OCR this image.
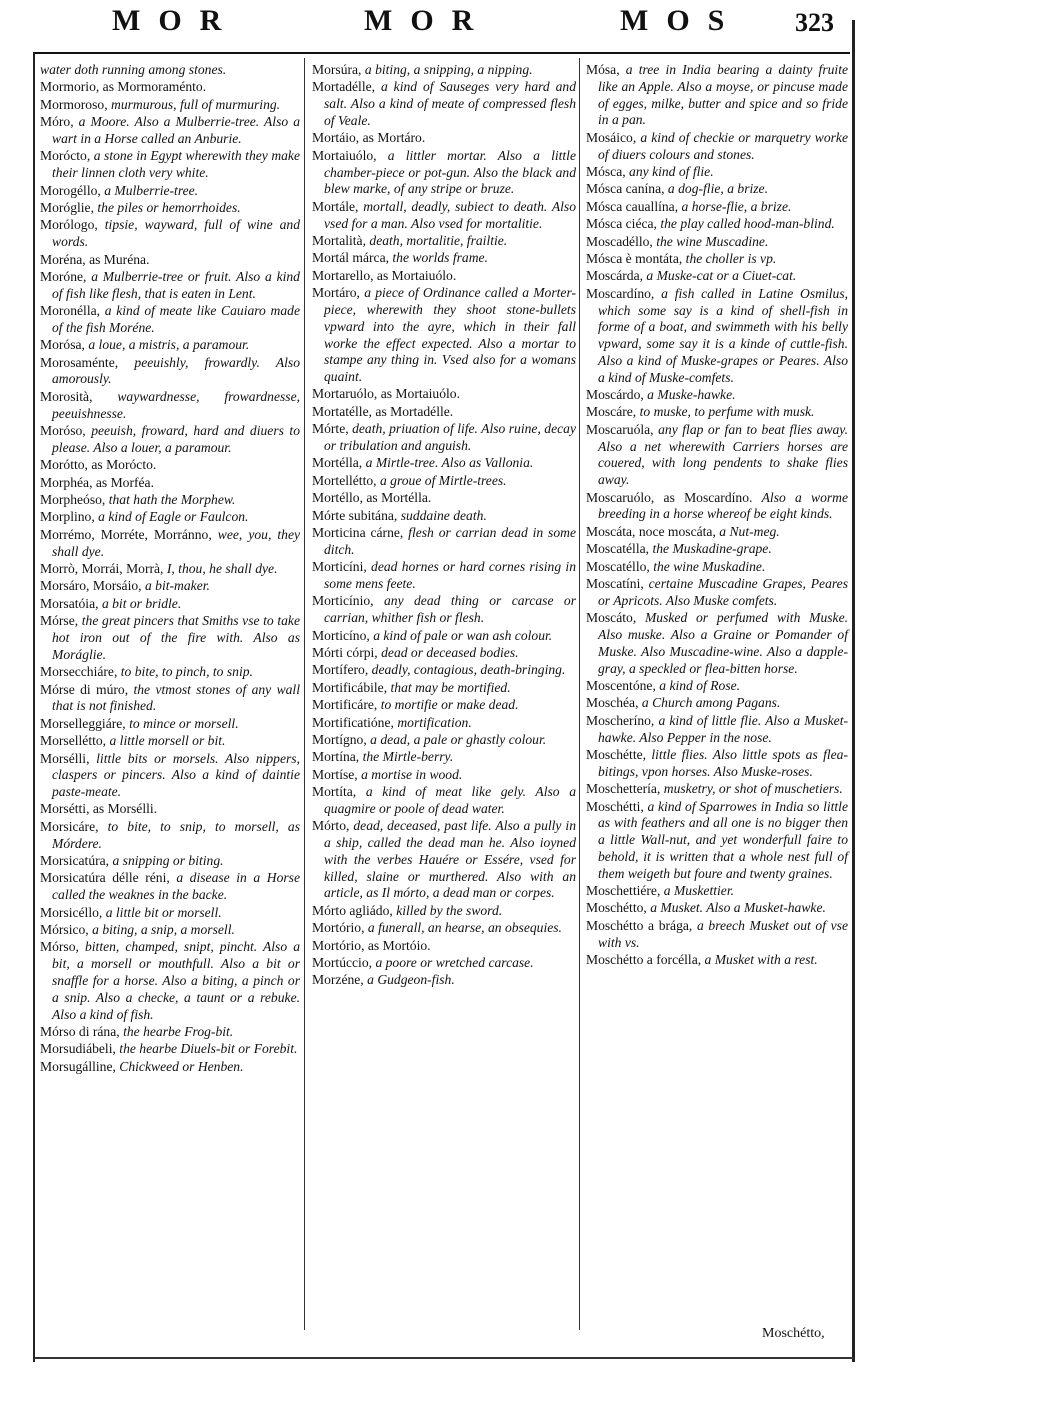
MOR	MOR	MOS 323

water doth running among stones.

Mormorio, as Mormoraménto.

Mormoroso, murmurous, full of murmuring.

Móro, a Moore. Also a Mulberrie-tree. Also a wart in a Horse called an Anburie.

Morócto, a stone in Egypt wherewith they make their linnen cloth very white.

Morogéllo, a Mulberrie-tree.

Moróglie, the piles or hemorrhoides.

Morólogo, tipsie, wayward, full of wine and words.

Moréna, as Muréna.

Moróne, a Mulberrie-tree or fruit. Also a kind of fish like flesh, that is eaten in Lent.

Moronélla, a kind of meate like Cauiaro made of the fish Moréne.

Morósa, a loue, a mistris, a paramour.

Morosaménte, peeuishly, frowardly. Also amorously.

Morosità, waywardnesse, frowardnesse, peeuishnesse.

Moróso, peeuish, froward, hard and diuers to please. Also a louer, a paramour.

Morótto, as Morócto.

Morphéa, as Morféa.

Morpheóso, that hath the Morphew.

Morplino, a kind of Eagle or Faulcon.

Morrémo, Morréte, Morránno, wee, you, they shall dye.

Morrò, Morrái, Morrà, I, thou, he shall dye.

Morsáro, Morsáio, a bit-maker.

Morsatóia, a bit or bridle.

Mórse, the great pincers that Smiths vse to take hot iron out of the fire with. Also as Moráglie.

Morsecchiáre, to bite, to pinch, to snip.

Mórse di múro, the vtmost stones of any wall that is not finished.

Morselleggiáre, to mince or morsell.

Morsellétto, a little morsell or bit.

Morsélli, little bits or morsels. Also nippers, claspers or pincers. Also a kind of daintie paste-meate.

Morsétti, as Morsélli.

Morsicáre, to bite, to snip, to morsell, as Mórdere.

Morsicatúra, a snipping or biting.

Morsicatúra délle réni, a disease in a Horse called the weaknes in the backe.

Morsicéllo, a little bit or morsell.

Mórsico, a biting, a snip, a morsell.

Mórso, bitten, champed, snipt, pincht. Also a bit, a morsell or mouthfull. Also a bit or snaffle for a horse. Also a biting, a pinch or a snip. Also a checke, a taunt or a rebuke. Also a kind of fish.

Mórso di rána, the hearbe Frog-bit.

Morsudiábeli, the hearbe Diuels-bit or Forebit.

Morsugálline, Chickweed or Henben.

Morsúra, a biting, a snipping, a nipping.

Mortadélle, a kind of Sauseges very hard and salt. Also a kind of meate of compressed flesh of Veale.

Mortáio, as Mortáro.

Mortaiuólo, a littler mortar. Also a little chamber-piece or pot-gun. Also the black and blew marke, of any stripe or bruze.

Mortále, mortall, deadly, subiect to death. Also vsed for a man. Also vsed for mortalitie.

Mortalità, death, mortalitie, frailtie.

Mortál márca, the worlds frame.

Mortarello, as Mortaiuólo.

Mortáro, a piece of Ordinance called a Morter-piece, wherewith they shoot stone-bullets vpward into the ayre, which in their fall worke the effect expected. Also a mortar to stampe any thing in. Vsed also for a womans quaint.

Mortaruólo, as Mortaiuólo.

Mortatélle, as Mortadélle.

Mórte, death, priuation of life. Also ruine, decay or tribulation and anguish.

Mortélla, a Mirtle-tree. Also as Vallonia.

Mortellétto, a groue of Mirtle-trees.

Mortéllo, as Mortélla.

Mórte subitána, suddaine death.

Morticina cárne, flesh or carrian dead in some ditch.

Morticíni, dead hornes or hard cornes rising in some mens feete.

Morticínio, any dead thing or carcase or carrian, whither fish or flesh.

Morticíno, a kind of pale or wan ash colour.

Mórti córpi, dead or deceased bodies.

Mortífero, deadly, contagious, death-bringing.

Mortificábile, that may be mortified.

Mortificáre, to mortifie or make dead.

Mortificatióne, mortification.

Mortígno, a dead, a pale or ghastly colour.

Mortína, the Mirtle-berry.

Mortíse, a mortise in wood.

Mortíta, a kind of meat like gely. Also a quagmire or poole of dead water.

Mórto, dead, deceased, past life. Also a pully in a ship, called the dead man he. Also ioyned with the verbes Hauére or Essére, vsed for killed, slaine or murthered. Also with an article, as Il mórto, a dead man or corpes.

Mórto agliádo, killed by the sword.

Mortório, a funerall, an hearse, an obsequies.

Mortório, as Mortóio.

Mortúccio, a poore or wretched carcase.

Morzéne, a Gudgeon-fish.

Mósa, a tree in India bearing a dainty fruite like an Apple. Also a moyse, or pincuse made of egges, milke, butter and spice and so fride in a pan.

Mosáico, a kind of checkie or marquetry worke of diuers colours and stones.

Mósca, any kind of flie.

Mósca canína, a dog-flie, a brize.

Mósca cauallína, a horse-flie, a brize.

Mósca ciéca, the play called hood-man-blind.

Moscadéllo, the wine Muscadine.

Mósca è montáta, the choller is vp.

Moscárda, a Muske-cat or a Ciuet-cat.

Moscardíno, a fish called in Latine Osmilus, which some say is a kind of shell-fish in forme of a boat, and swimmeth with his belly vpward, some say it is a kinde of cuttle-fish. Also a kind of Muske-grapes or Peares. Also a kind of Muske-comfets.

Moscárdo, a Muske-hawke.

Moscáre, to muske, to perfume with musk.

Moscaruóla, any flap or fan to beat flies away. Also a net wherewith Carriers horses are couered, with long pendents to shake flies away.

Moscaruólo, as Moscardíno. Also a worme breeding in a horse whereof be eight kinds.

Moscáta, noce moscáta, a Nut-meg.

Moscatélla, the Muskadine-grape.

Moscatéllo, the wine Muskadine.

Moscatíni, certaine Muscadine Grapes, Peares or Apricots. Also Muske comfets.

Moscáto, Musked or perfumed with Muske. Also muske. Also a Graine or Pomander of Muske. Also Muscadine-wine. Also a dapple-gray, a speckled or flea-bitten horse.

Moscentóne, a kind of Rose.

Moschéa, a Church among Pagans.

Moscheríno, a kind of little flie. Also a Musket-hawke. Also Pepper in the nose.

Moschétte, little flies. Also little spots as flea-bitings, vpon horses. Also Muske-roses.

Moschettería, musketry, or shot of muschetiers.

Moschétti, a kind of Sparrowes in India so little as with feathers and all one is no bigger then a little Wall-nut, and yet wonderfull faire to behold, it is written that a whole nest full of them weigeth but foure and twenty graines.

Moschettiére, a Muskettier.

Moschétto, a Musket. Also a Musket-hawke.

Moschétto a brága, a breech Musket out of vse with vs.

Moschétto a forcélla, a Musket with a rest.

Moschétto,
